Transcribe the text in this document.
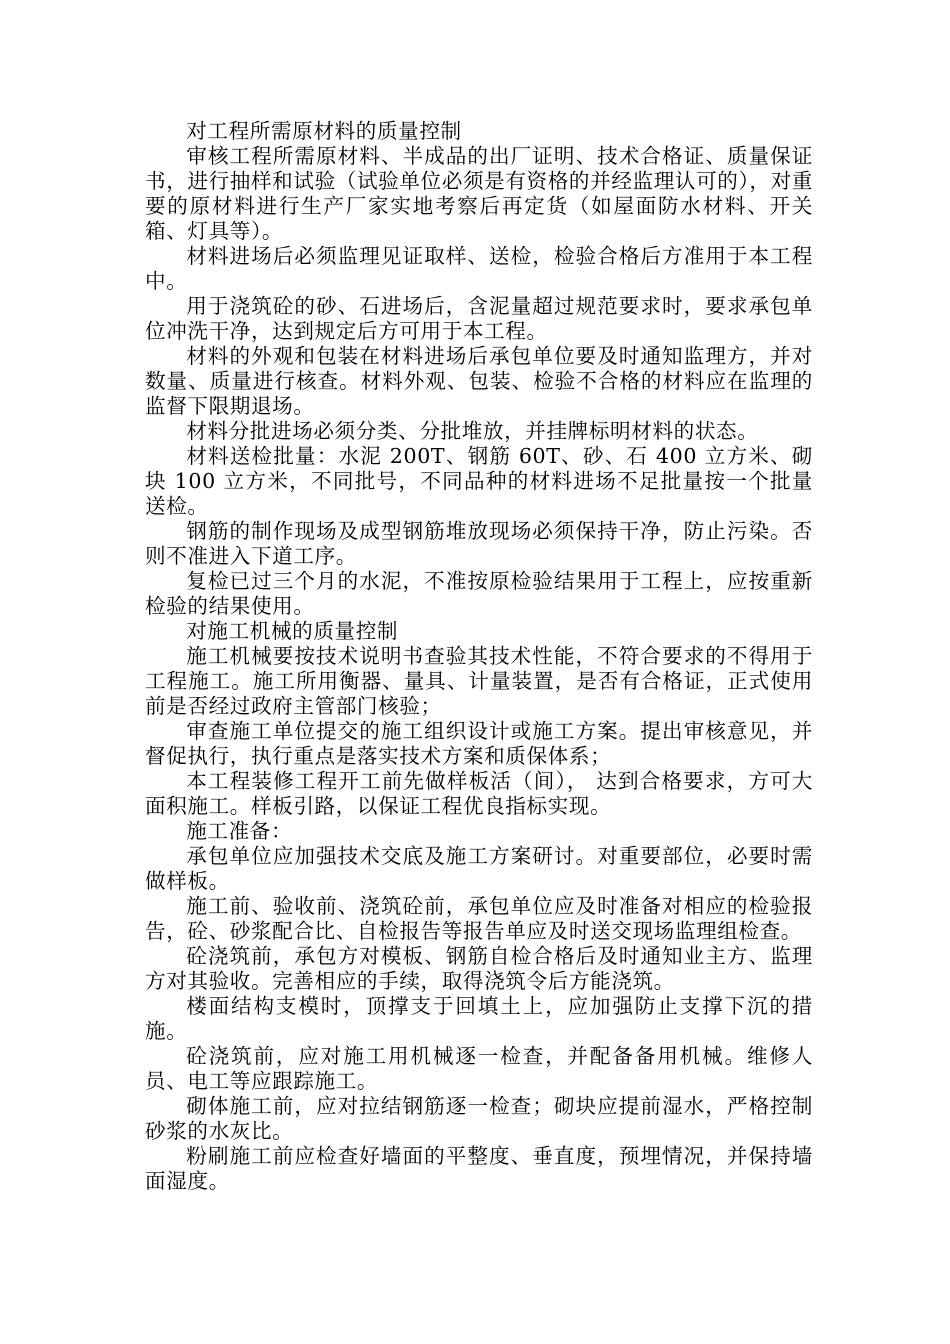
对工程所需原材料的质量控制

审核工程所需原材料、半成品的出厂证明、技术合格证、质量保证书，进行抽样和试验（试验单位必须是有资格的并经监理认可的），对重要的原材料进行生产厂家实地考察后再定货（如屋面防水材料、开关箱、灯具等）。

材料进场后必须监理见证取样、送检，检验合格后方准用于本工程中。

用于浇筑砼的砂、石进场后，含泥量超过规范要求时，要求承包单位冲洗干净，达到规定后方可用于本工程。

材料的外观和包装在材料进场后承包单位要及时通知监理方，并对数量、质量进行核查。材料外观、包装、检验不合格的材料应在监理的监督下限期退场。

材料分批进场必须分类、分批堆放，并挂牌标明材料的状态。

材料送检批量：水泥 200T、钢筋 60T、砂、石 400 立方米、砌块 100 立方米，不同批号，不同品种的材料进场不足批量按一个批量送检。

钢筋的制作现场及成型钢筋堆放现场必须保持干净，防止污染。否则不准进入下道工序。

复检已过三个月的水泥，不准按原检验结果用于工程上，应按重新检验的结果使用。

对施工机械的质量控制

施工机械要按技术说明书查验其技术性能，不符合要求的不得用于工程施工。施工所用衡器、量具、计量装置，是否有合格证，正式使用前是否经过政府主管部门核验；

审查施工单位提交的施工组织设计或施工方案。提出审核意见，并督促执行，执行重点是落实技术方案和质保体系；

本工程装修工程开工前先做样板活（间）， 达到合格要求，方可大面积施工。样板引路，以保证工程优良指标实现。

施工准备：

承包单位应加强技术交底及施工方案研讨。对重要部位，必要时需做样板。

施工前、验收前、浇筑砼前，承包单位应及时准备对相应的检验报告，砼、砂浆配合比、自检报告等报告单应及时送交现场监理组检查。

砼浇筑前，承包方对模板、钢筋自检合格后及时通知业主方、监理方对其验收。完善相应的手续，取得浇筑令后方能浇筑。

楼面结构支模时，顶撑支于回填土上，应加强防止支撑下沉的措施。

砼浇筑前，应对施工用机械逐一检查，并配备备用机械。维修人员、电工等应跟踪施工。

砌体施工前，应对拉结钢筋逐一检查；砌块应提前湿水，严格控制砂浆的水灰比。

粉刷施工前应检查好墙面的平整度、垂直度，预埋情况，并保持墙面湿度。
